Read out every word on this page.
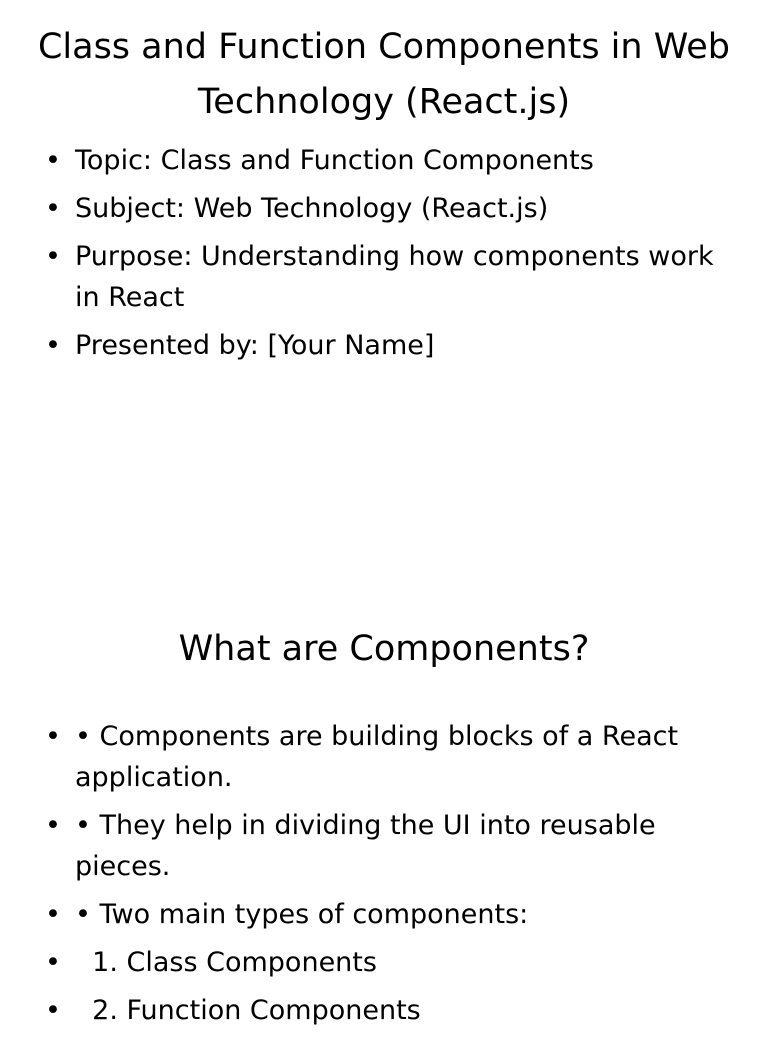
Class and Function Components in Web Technology (React.js)
• Topic: Class and Function Components
• Subject: Web Technology (React.js)
• Purpose: Understanding how components work in React
• Presented by: [Your Name]
What are Components?
• • Components are building blocks of a React application.
• • They help in dividing the UI into reusable pieces.
• • Two main types of components:
• 1. Class Components
• 2. Function Components
